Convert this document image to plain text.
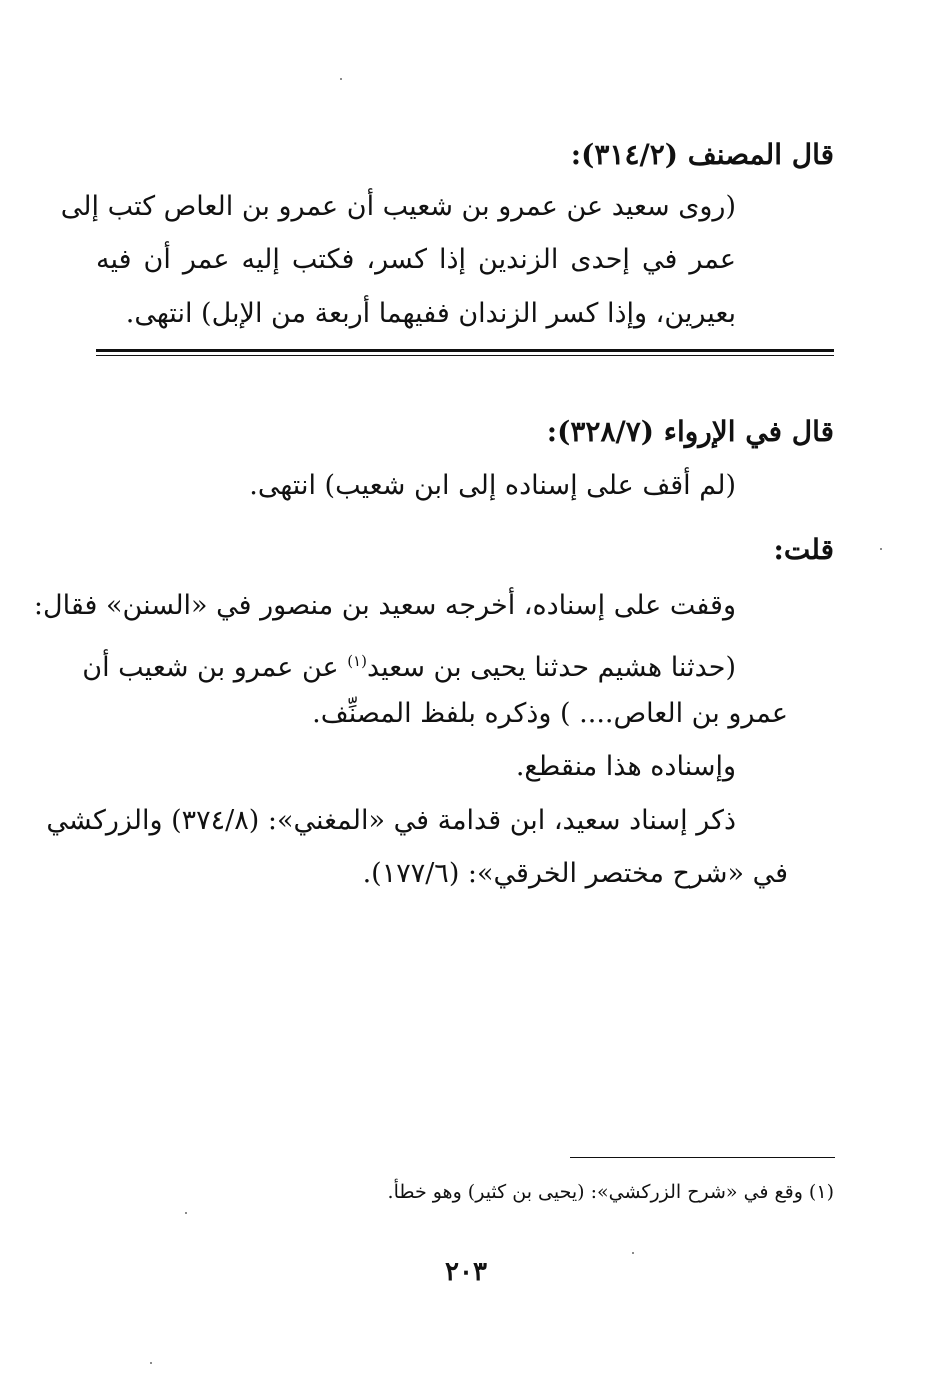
قال المصنف (٣١٤/٢):
(روى سعيد عن عمرو بن شعيب أن عمرو بن العاص كتب إلى
عمر في إحدى الزندين إذا كسر، فكتب إليه عمر أن فيه
بعيرين، وإذا كسر الزندان ففيهما أربعة من الإبل) انتهى.
قال في الإرواء (٣٢٨/٧):
(لم أقف على إسناده إلى ابن شعيب) انتهى.
قلت:
وقفت على إسناده، أخرجه سعيد بن منصور في «السنن» فقال:
(حدثنا هشيم حدثنا يحيى بن سعيد$^{(١)}$ عن عمرو بن شعيب أن
عمرو بن العاص.... ) وذكره بلفظ المصنِّف.
وإسناده هذا منقطع.
ذكر إسناد سعيد، ابن قدامة في «المغني»: (٣٧٤/٨) والزركشي
في «شرح مختصر الخرقي»: (١٧٧/٦).
(١) وقع في «شرح الزركشي»: (يحيى بن كثير) وهو خطأ.
٢٠٣
